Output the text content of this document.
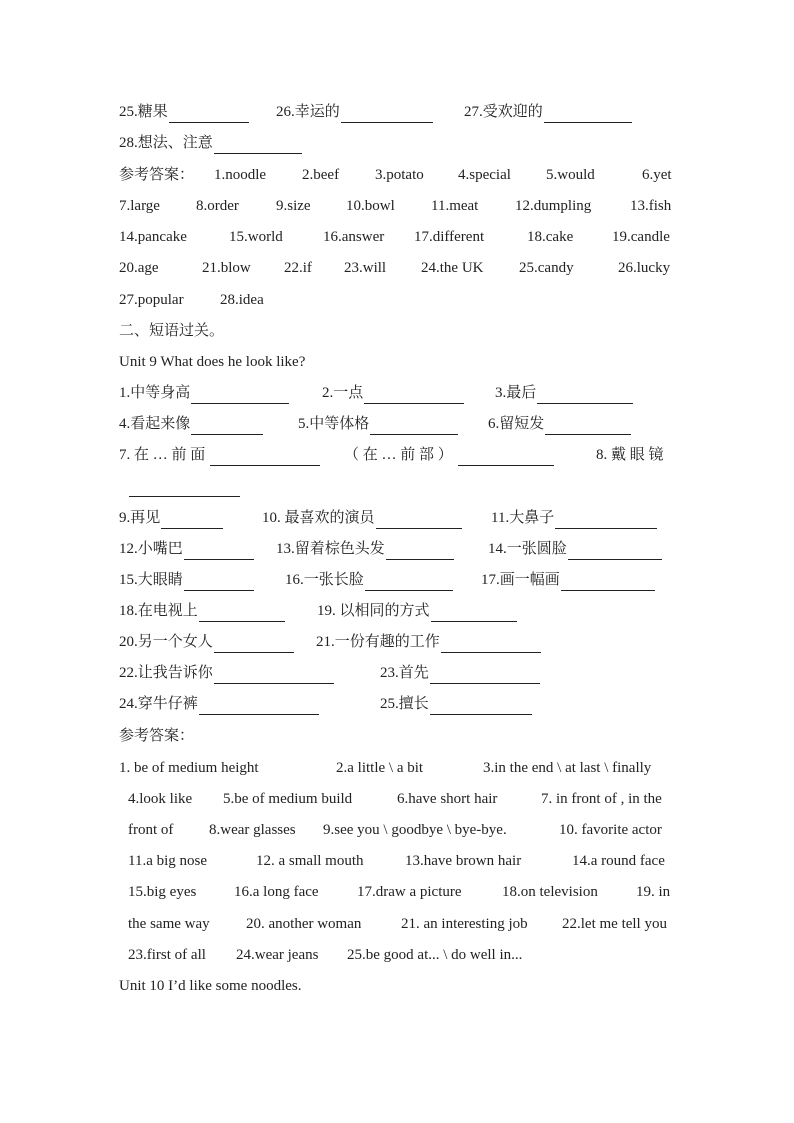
25.糖果	26.幸运的	27.受欢迎的
28.想法、注意
参考答案： 1.noodle 2.beef 3.potato 4.special 5.would	6.yet
7.large 8.order 9.size 10.bowl 11.meat 12.dumpling	13.fish
14.pancake	15.world	16.answer 17.different	18.cake	19.candle
20.age	21.blow 22.if 23.will 24.the UK 25.candy	26.lucky
27.popular 28.idea
二、短语过关。
Unit 9 What does he look like?
1.中等身高	2.一点	3.最后
4.看起来像	5.中等体格	6.留短发
7. 在 … 前 面	（ 在 … 前 部 ）	8. 戴 眼 镜
9.再见	10. 最喜欢的演员	11.大鼻子
12.小嘴巴	13.留着棕色头发	14.一张圆脸
15.大眼睛	16.一张长脸	17.画一幅画
18.在电视上	19. 以相同的方式
20.另一个女人	21.一份有趣的工作
22.让我告诉你	23.首先
24.穿牛仔裤	25.擅长
参考答案：
1. be of medium height	2.a little \ a bit	3.in the end \ at last \ finally
4.look like 5.be of medium build	6.have short hair	7. in front of , in the
front of 8.wear glasses 9.see you \ goodbye \ bye-bye.	10. favorite actor
11.a big nose	12. a small mouth	13.have brown hair	14.a round face
15.big eyes	16.a long face	17.draw a picture	18.on television	19. in
the same way 20. another woman	21. an interesting job 22.let me tell you
23.first of all 24.wear jeans 25.be good at... \ do well in...
Unit 10 I’d like some noodles.
